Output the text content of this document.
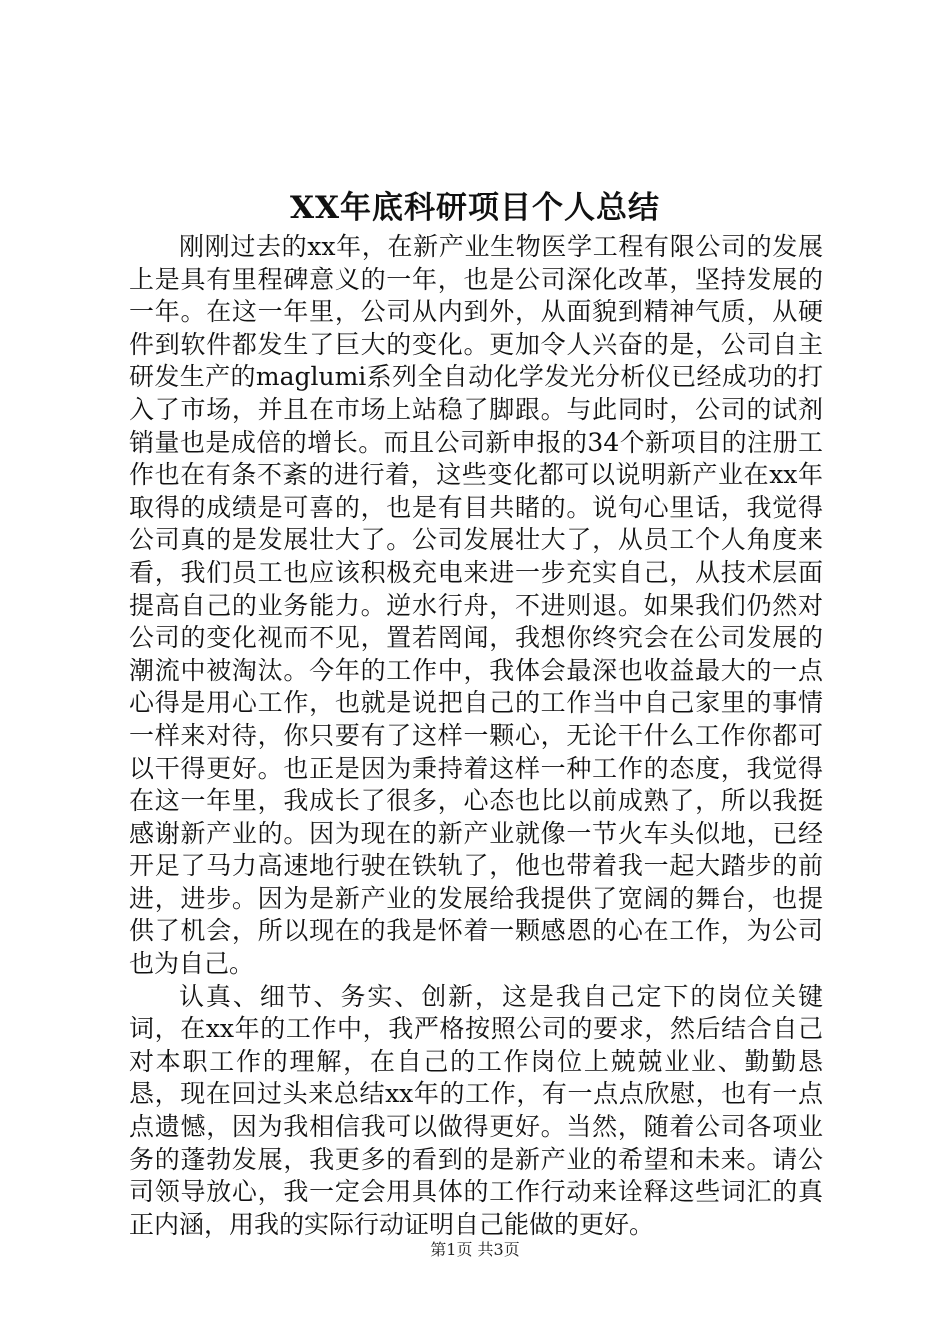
XX年底科研项目个人总结

刚刚过去的xx年，在新产业生物医学工程有限公司的发展上是具有里程碑意义的一年，也是公司深化改革，坚持发展的一年。在这一年里，公司从内到外，从面貌到精神气质，从硬件到软件都发生了巨大的变化。更加令人兴奋的是，公司自主研发生产的maglumi系列全自动化学发光分析仪已经成功的打入了市场，并且在市场上站稳了脚跟。与此同时，公司的试剂销量也是成倍的增长。而且公司新申报的34个新项目的注册工作也在有条不紊的进行着，这些变化都可以说明新产业在xx年取得的成绩是可喜的，也是有目共睹的。说句心里话，我觉得公司真的是发展壮大了。公司发展壮大了，从员工个人角度来看，我们员工也应该积极充电来进一步充实自己，从技术层面提高自己的业务能力。逆水行舟，不进则退。如果我们仍然对公司的变化视而不见，置若罔闻，我想你终究会在公司发展的潮流中被淘汰。今年的工作中，我体会最深也收益最大的一点心得是用心工作，也就是说把自己的工作当中自己家里的事情一样来对待，你只要有了这样一颗心，无论干什么工作你都可以干得更好。也正是因为秉持着这样一种工作的态度，我觉得在这一年里，我成长了很多，心态也比以前成熟了，所以我挺感谢新产业的。因为现在的新产业就像一节火车头似地，已经开足了马力高速地行驶在铁轨了，他也带着我一起大踏步的前进，进步。因为是新产业的发展给我提供了宽阔的舞台，也提供了机会，所以现在的我是怀着一颗感恩的心在工作，为公司也为自己。

认真、细节、务实、创新，这是我自己定下的岗位关键词，在xx年的工作中，我严格按照公司的要求，然后结合自己对本职工作的理解，在自己的工作岗位上兢兢业业、勤勤恳恳，现在回过头来总结xx年的工作，有一点点欣慰，也有一点点遗憾，因为我相信我可以做得更好。当然，随着公司各项业务的蓬勃发展，我更多的看到的是新产业的希望和未来。请公司领导放心，我一定会用具体的工作行动来诠释这些词汇的真正内涵，用我的实际行动证明自己能做的更好。

第1页 共3页
